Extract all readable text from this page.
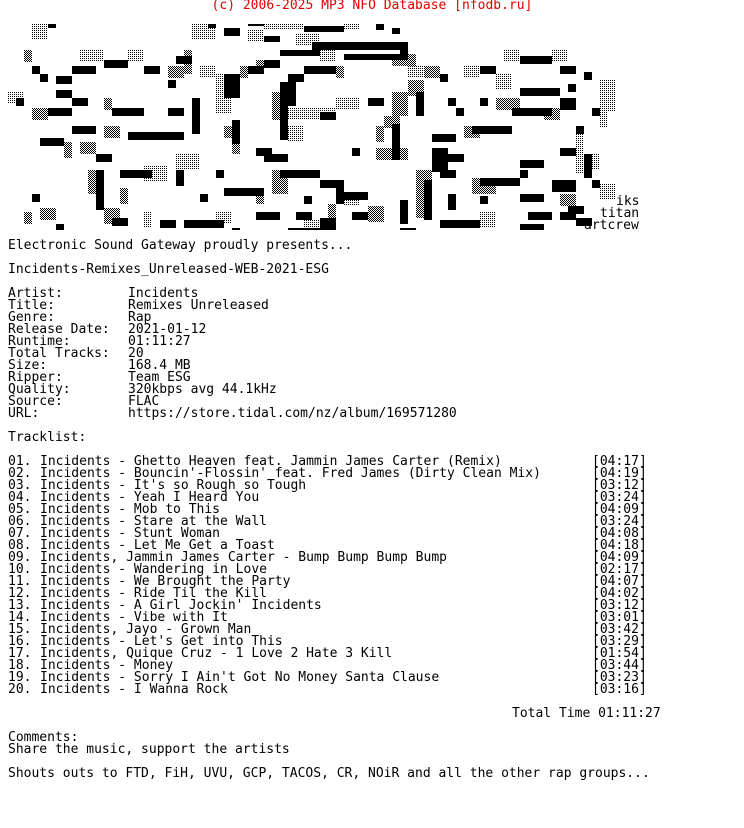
(c) 2006-2025 MP3 NFO Database [nfodb.ru]
iks
titan
artcrew
Electronic Sound Gateway proudly presents...
Incidents-Remixes_Unreleased-WEB-2021-ESG
Artist:	Incidents
Title:	Remixes Unreleased
Genre:	Rap
Release Date: 2021-01-12
Runtime:	01:11:27
Total Tracks: 20
Size:	168.4 MB
Ripper:	Team ESG
Quality:	320kbps avg 44.1kHz
Source:	FLAC
URL:	https://store.tidal.com/nz/album/169571280
Tracklist:
01. Incidents - Ghetto Heaven feat. Jammin James Carter (Remix)	[04:17]
02. Incidents - Bouncin'-Flossin' feat. Fred James (Dirty Clean Mix)	[04:19]
03. Incidents - It's so Rough so Tough	[03:12]
04. Incidents - Yeah I Heard You	[03:24]
05. Incidents - Mob to This	[04:09]
06. Incidents - Stare at the Wall	[03:24]
07. Incidents - Stunt Woman	[04:08]
08. Incidents - Let Me Get a Toast	[04:18]
09. Incidents, Jammin James Carter - Bump Bump Bump Bump	[04:09]
10. Incidents - Wandering in Love	[02:17]
11. Incidents - We Brought the Party	[04:07]
12. Incidents - Ride Til the Kill	[04:02]
13. Incidents - A Girl Jockin' Incidents	[03:12]
14. Incidents - Vibe with It	[03:01]
15. Incidents, Jayo - Grown Man	[03:42]
16. Incidents - Let's Get into This	[03:29]
17. Incidents, Quique Cruz - 1 Love 2 Hate 3 Kill	[01:54]
18. Incidents - Money	[03:44]
19. Incidents - Sorry I Ain't Got No Money Santa Clause	[03:23]
20. Incidents - I Wanna Rock	[03:16]
Total Time 01:11:27
Comments:
Share the music, support the artists
Shouts outs to FTD, FiH, UVU, GCP, TACOS, CR, NOiR and all the other rap groups...
